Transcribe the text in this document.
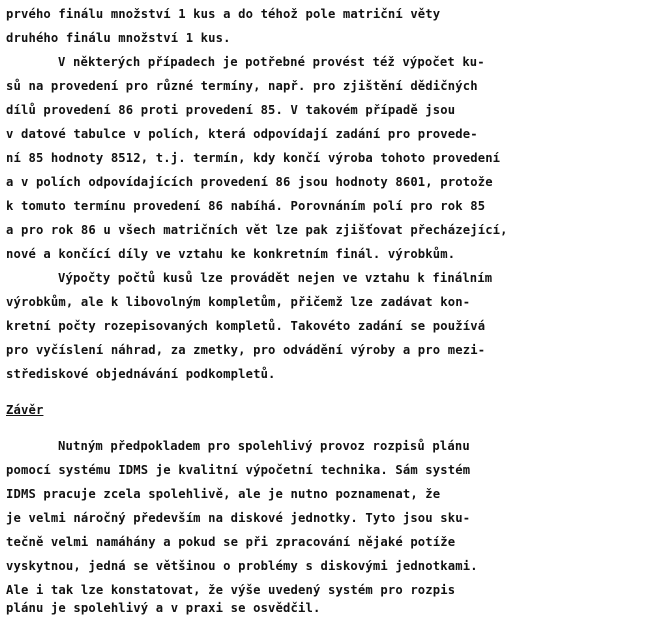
prvého finálu množství 1 kus a do téhož pole matriční věty
druhého finálu množství 1 kus.
V některých případech je potřebné provést též výpočet ku-
sů na provedení pro různé termíny, např. pro zjištění dědičných
dílů provedení 86 proti provedení 85. V takovém případě jsou
v datové tabulce v polích, která odpovídají zadání pro provede-
ní 85 hodnoty 8512, t.j. termín, kdy končí výroba tohoto provedení
a v polích odpovídajících provedení 86 jsou hodnoty 8601, protože
k tomuto termínu provedení 86 nabíhá. Porovnáním polí pro rok 85
a pro rok 86 u všech matričních vět lze pak zjišťovat přecházející,
nové a končící díly ve vztahu ke konkretním finál. výrobkům.
Výpočty počtů kusů lze provádět nejen ve vztahu k finálním
výrobkům, ale k libovolným kompletům, přičemž lze zadávat kon-
kretní počty rozepisovaných kompletů. Takovéto zadání se používá
pro vyčíslení náhrad, za zmetky, pro odvádění výroby a pro mezi-
střediskové objednávání podkompletů.
Závěr
Nutným předpokladem pro spolehlivý provoz rozpisů plánu
pomocí systému IDMS je kvalitní výpočetní technika. Sám systém
IDMS pracuje zcela spolehlivě, ale je nutno poznamenat, že
je velmi náročný především na diskové jednotky. Tyto jsou sku-
tečně velmi namáhány a pokud se při zpracování nějaké potíže
vyskytnou, jedná se většinou o problémy s diskovými jednotkami.
Ale i tak lze konstatovat, že výše uvedený systém pro rozpis
plánu je spolehlivý a v praxi se osvědčil.
